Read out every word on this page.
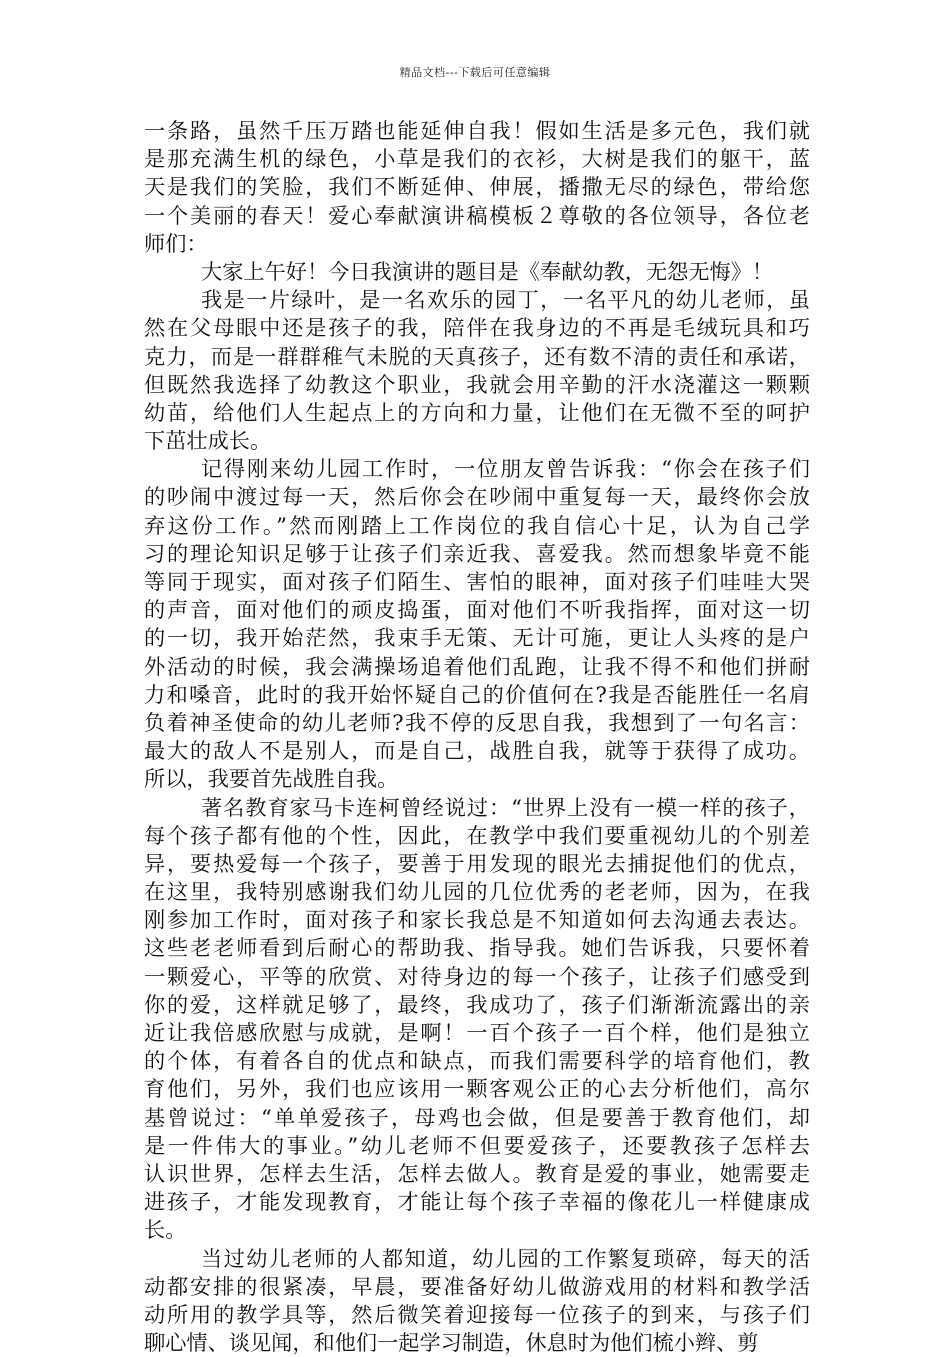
精品文档---下载后可任意编辑
一条路，虽然千压万踏也能延伸自我！假如生活是多元色，我们就
是那充满生机的绿色，小草是我们的衣衫，大树是我们的躯干，蓝
天是我们的笑脸，我们不断延伸、伸展，播撒无尽的绿色，带给您
一个美丽的春天！爱心奉献演讲稿模板２尊敬的各位领导，各位老
师们：
大家上午好！今日我演讲的题目是《奉献幼教，无怨无悔》！
我是一片绿叶，是一名欢乐的园丁，一名平凡的幼儿老师，虽
然在父母眼中还是孩子的我，陪伴在我身边的不再是毛绒玩具和巧
克力，而是一群群稚气未脱的天真孩子，还有数不清的责任和承诺，
但既然我选择了幼教这个职业，我就会用辛勤的汗水浇灌这一颗颗
幼苗，给他们人生起点上的方向和力量，让他们在无微不至的呵护
下茁壮成长。
记得刚来幼儿园工作时，一位朋友曾告诉我：“你会在孩子们
的吵闹中渡过每一天，然后你会在吵闹中重复每一天，最终你会放
弃这份工作。”然而刚踏上工作岗位的我自信心十足，认为自己学
习的理论知识足够于让孩子们亲近我、喜爱我。然而想象毕竟不能
等同于现实，面对孩子们陌生、害怕的眼神，面对孩子们哇哇大哭
的声音，面对他们的顽皮捣蛋，面对他们不听我指挥，面对这一切
的一切，我开始茫然，我束手无策、无计可施，更让人头疼的是户
外活动的时候，我会满操场追着他们乱跑，让我不得不和他们拼耐
力和嗓音，此时的我开始怀疑自己的价值何在?我是否能胜任一名肩
负着神圣使命的幼儿老师?我不停的反思自我，我想到了一句名言：
最大的敌人不是别人，而是自己，战胜自我，就等于获得了成功。
所以，我要首先战胜自我。
著名教育家马卡连柯曾经说过：“世界上没有一模一样的孩子，
每个孩子都有他的个性，因此，在教学中我们要重视幼儿的个别差
异，要热爱每一个孩子，要善于用发现的眼光去捕捉他们的优点，
在这里，我特别感谢我们幼儿园的几位优秀的老老师，因为，在我
刚参加工作时，面对孩子和家长我总是不知道如何去沟通去表达。
这些老老师看到后耐心的帮助我、指导我。她们告诉我，只要怀着
一颗爱心，平等的欣赏、对待身边的每一个孩子，让孩子们感受到
你的爱，这样就足够了，最终，我成功了，孩子们渐渐流露出的亲
近让我倍感欣慰与成就，是啊！一百个孩子一百个样，他们是独立
的个体，有着各自的优点和缺点，而我们需要科学的培育他们，教
育他们，另外，我们也应该用一颗客观公正的心去分析他们，高尔
基曾说过：“单单爱孩子，母鸡也会做，但是要善于教育他们，却
是一件伟大的事业。”幼儿老师不但要爱孩子，还要教孩子怎样去
认识世界，怎样去生活，怎样去做人。教育是爱的事业，她需要走
进孩子，才能发现教育，才能让每个孩子幸福的像花儿一样健康成
长。
当过幼儿老师的人都知道，幼儿园的工作繁复琐碎，每天的活
动都安排的很紧凑，早晨，要准备好幼儿做游戏用的材料和教学活
动所用的教学具等，然后微笑着迎接每一位孩子的到来，与孩子们
聊心情、谈见闻，和他们一起学习制造，休息时为他们梳小辫、剪
